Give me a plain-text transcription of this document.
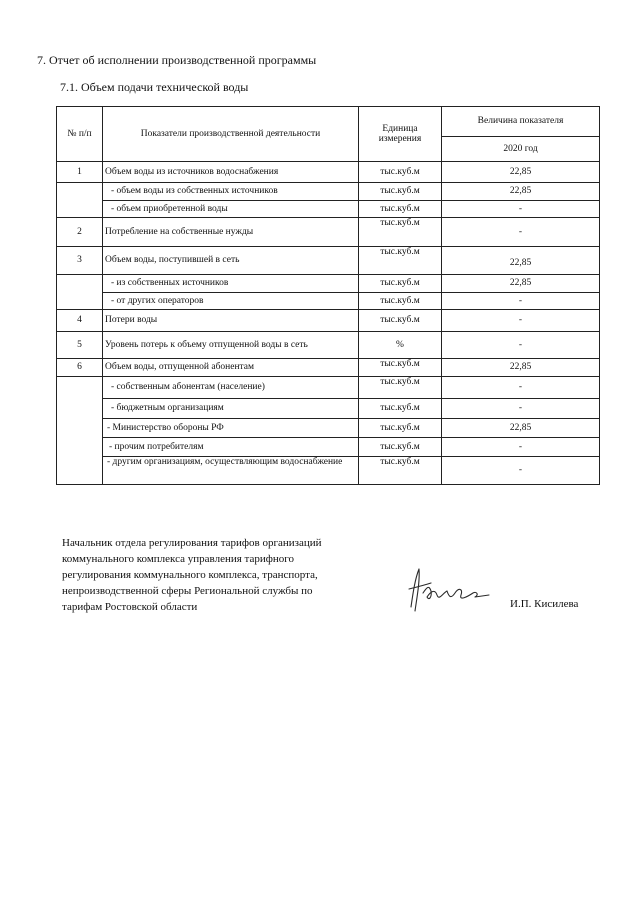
7. Отчет об исполнении производственной программы
7.1. Объем подачи технической воды
№ п/п	Показатели производственной деятельности	Единица измерения	Величина показателя
			2020 год
1	Объем воды из источников водоснабжения	тыс.куб.м	22,85
	- объем воды из собственных источников	тыс.куб.м	22,85
	- объем приобретенной воды	тыс.куб.м	-
2	Потребление на собственные нужды	тыс.куб.м	-
3	Объем воды, поступившей в сеть	тыс.куб.м	22,85
	- из собственных источников	тыс.куб.м	22,85
	- от других операторов	тыс.куб.м	-
4	Потери воды	тыс.куб.м	-
5	Уровень потерь к объему отпущенной воды в сеть	%	-
6	Объем воды, отпущенной абонентам	тыс.куб.м	22,85
	- собственным абонентам (население)	тыс.куб.м	-
	- бюджетным организациям	тыс.куб.м	-
	- Министерство обороны РФ	тыс.куб.м	22,85
	- прочим потребителям	тыс.куб.м	-
	- другим организациям, осуществляющим водоснабжение	тыс.куб.м	-
Начальник отдела регулирования тарифов организаций
коммунального комплекса управления тарифного
регулирования коммунального комплекса, транспорта,
непроизводственной сферы Региональной службы по
тарифам Ростовской области	И.П. Кисилева
